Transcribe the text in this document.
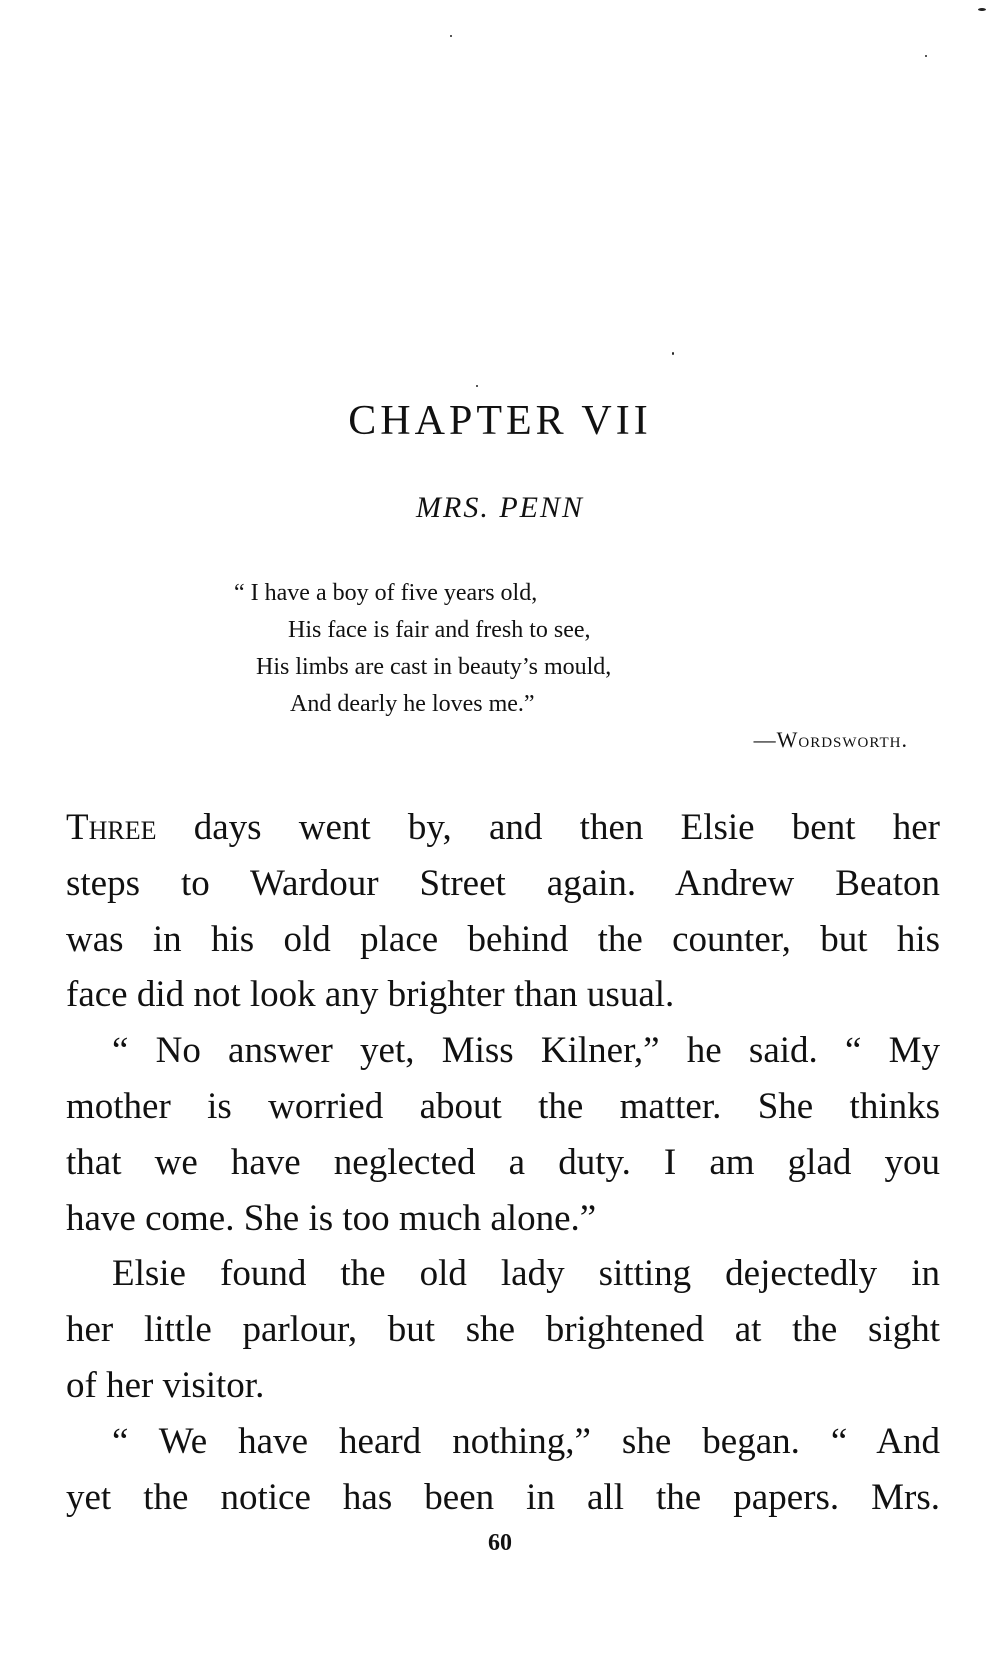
CHAPTER VII
MRS. PENN
“ I have a boy of five years old,
His face is fair and fresh to see,
His limbs are cast in beauty’s mould,
And dearly he loves me.”
—Wordsworth.
Three days went by, and then Elsie bent her
steps to Wardour Street again. Andrew Beaton
was in his old place behind the counter, but his
face did not look any brighter than usual.
“ No answer yet, Miss Kilner,” he said. “ My
mother is worried about the matter. She thinks
that we have neglected a duty. I am glad you
have come. She is too much alone.”
Elsie found the old lady sitting dejectedly in
her little parlour, but she brightened at the sight
of her visitor.
“ We have heard nothing,” she began. “ And
yet the notice has been in all the papers. Mrs.
60
